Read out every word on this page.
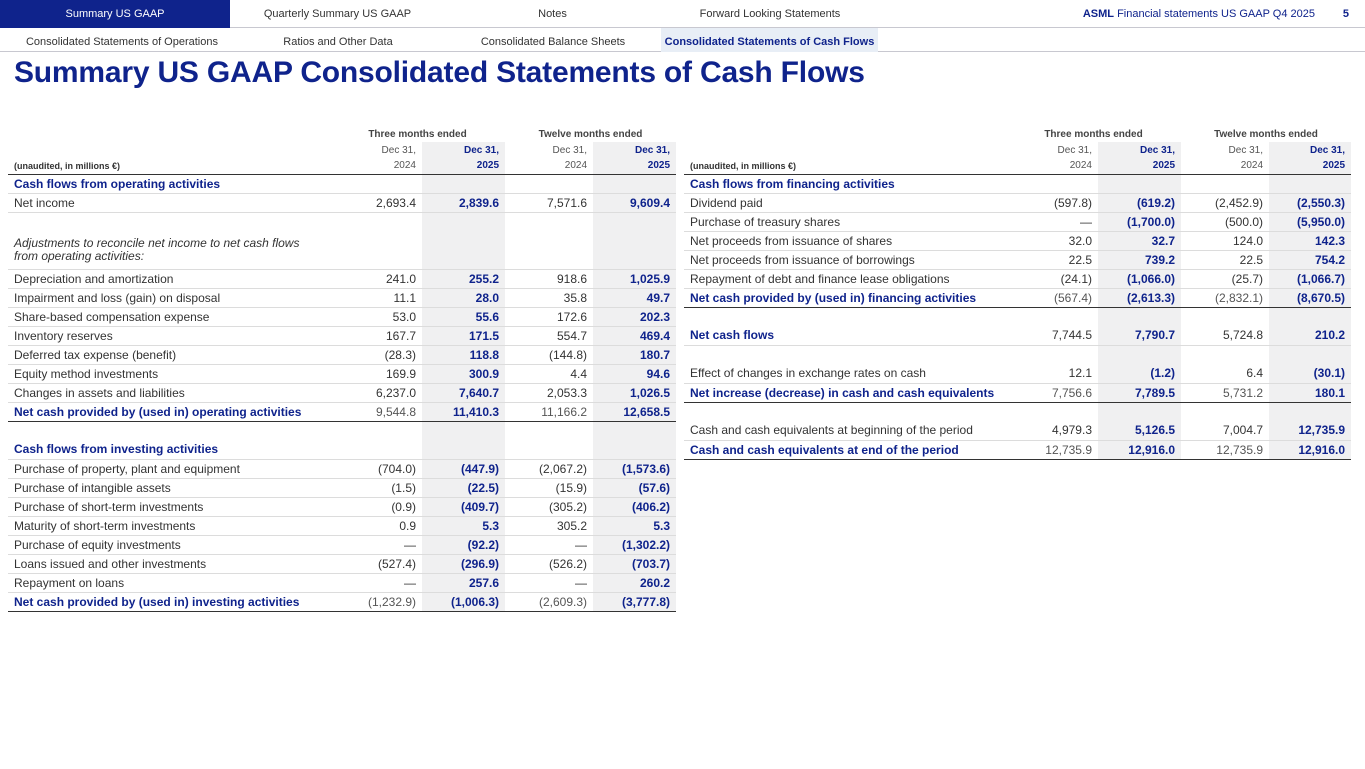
Summary US GAAP	Quarterly Summary US GAAP	Notes	Forward Looking Statements	ASML Financial statements US GAAP Q4 2025	5
Consolidated Statements of Operations	Ratios and Other Data	Consolidated Balance Sheets	Consolidated Statements of Cash Flows
Summary US GAAP Consolidated Statements of Cash Flows
	Three months ended		Twelve months ended	
	Dec 31,	Dec 31,	Dec 31,	Dec 31,
(unaudited, in millions €)	2024	2025	2024	2025
Cash flows from operating activities				
Net income	2,693.4	2,839.6	7,571.6	9,609.4

Adjustments to reconcile net income to net cash flows from operating activities:				
Depreciation and amortization	241.0	255.2	918.6	1,025.9
Impairment and loss (gain) on disposal	11.1	28.0	35.8	49.7
Share-based compensation expense	53.0	55.6	172.6	202.3
Inventory reserves	167.7	171.5	554.7	469.4
Deferred tax expense (benefit)	(28.3)	118.8	(144.8)	180.7
Equity method investments	169.9	300.9	4.4	94.6
Changes in assets and liabilities	6,237.0	7,640.7	2,053.3	1,026.5
Net cash provided by (used in) operating activities	9,544.8	11,410.3	11,166.2	12,658.5

Cash flows from investing activities				
Purchase of property, plant and equipment	(704.0)	(447.9)	(2,067.2)	(1,573.6)
Purchase of intangible assets	(1.5)	(22.5)	(15.9)	(57.6)
Purchase of short-term investments	(0.9)	(409.7)	(305.2)	(406.2)
Maturity of short-term investments	0.9	5.3	305.2	5.3
Purchase of equity investments	—	(92.2)	—	(1,302.2)
Loans issued and other investments	(527.4)	(296.9)	(526.2)	(703.7)
Repayment on loans	—	257.6	—	260.2
Net cash provided by (used in) investing activities	(1,232.9)	(1,006.3)	(2,609.3)	(3,777.8)
	Three months ended		Twelve months ended	
	Dec 31,	Dec 31,	Dec 31,	Dec 31,
(unaudited, in millions €)	2024	2025	2024	2025
Cash flows from financing activities				
Dividend paid	(597.8)	(619.2)	(2,452.9)	(2,550.3)
Purchase of treasury shares	—	(1,700.0)	(500.0)	(5,950.0)
Net proceeds from issuance of shares	32.0	32.7	124.0	142.3
Net proceeds from issuance of borrowings	22.5	739.2	22.5	754.2
Repayment of debt and finance lease obligations	(24.1)	(1,066.0)	(25.7)	(1,066.7)
Net cash provided by (used in) financing activities	(567.4)	(2,613.3)	(2,832.1)	(8,670.5)

Net cash flows	7,744.5	7,790.7	5,724.8	210.2

Effect of changes in exchange rates on cash	12.1	(1.2)	6.4	(30.1)
Net increase (decrease) in cash and cash equivalents	7,756.6	7,789.5	5,731.2	180.1

Cash and cash equivalents at beginning of the period	4,979.3	5,126.5	7,004.7	12,735.9
Cash and cash equivalents at end of the period	12,735.9	12,916.0	12,735.9	12,916.0
